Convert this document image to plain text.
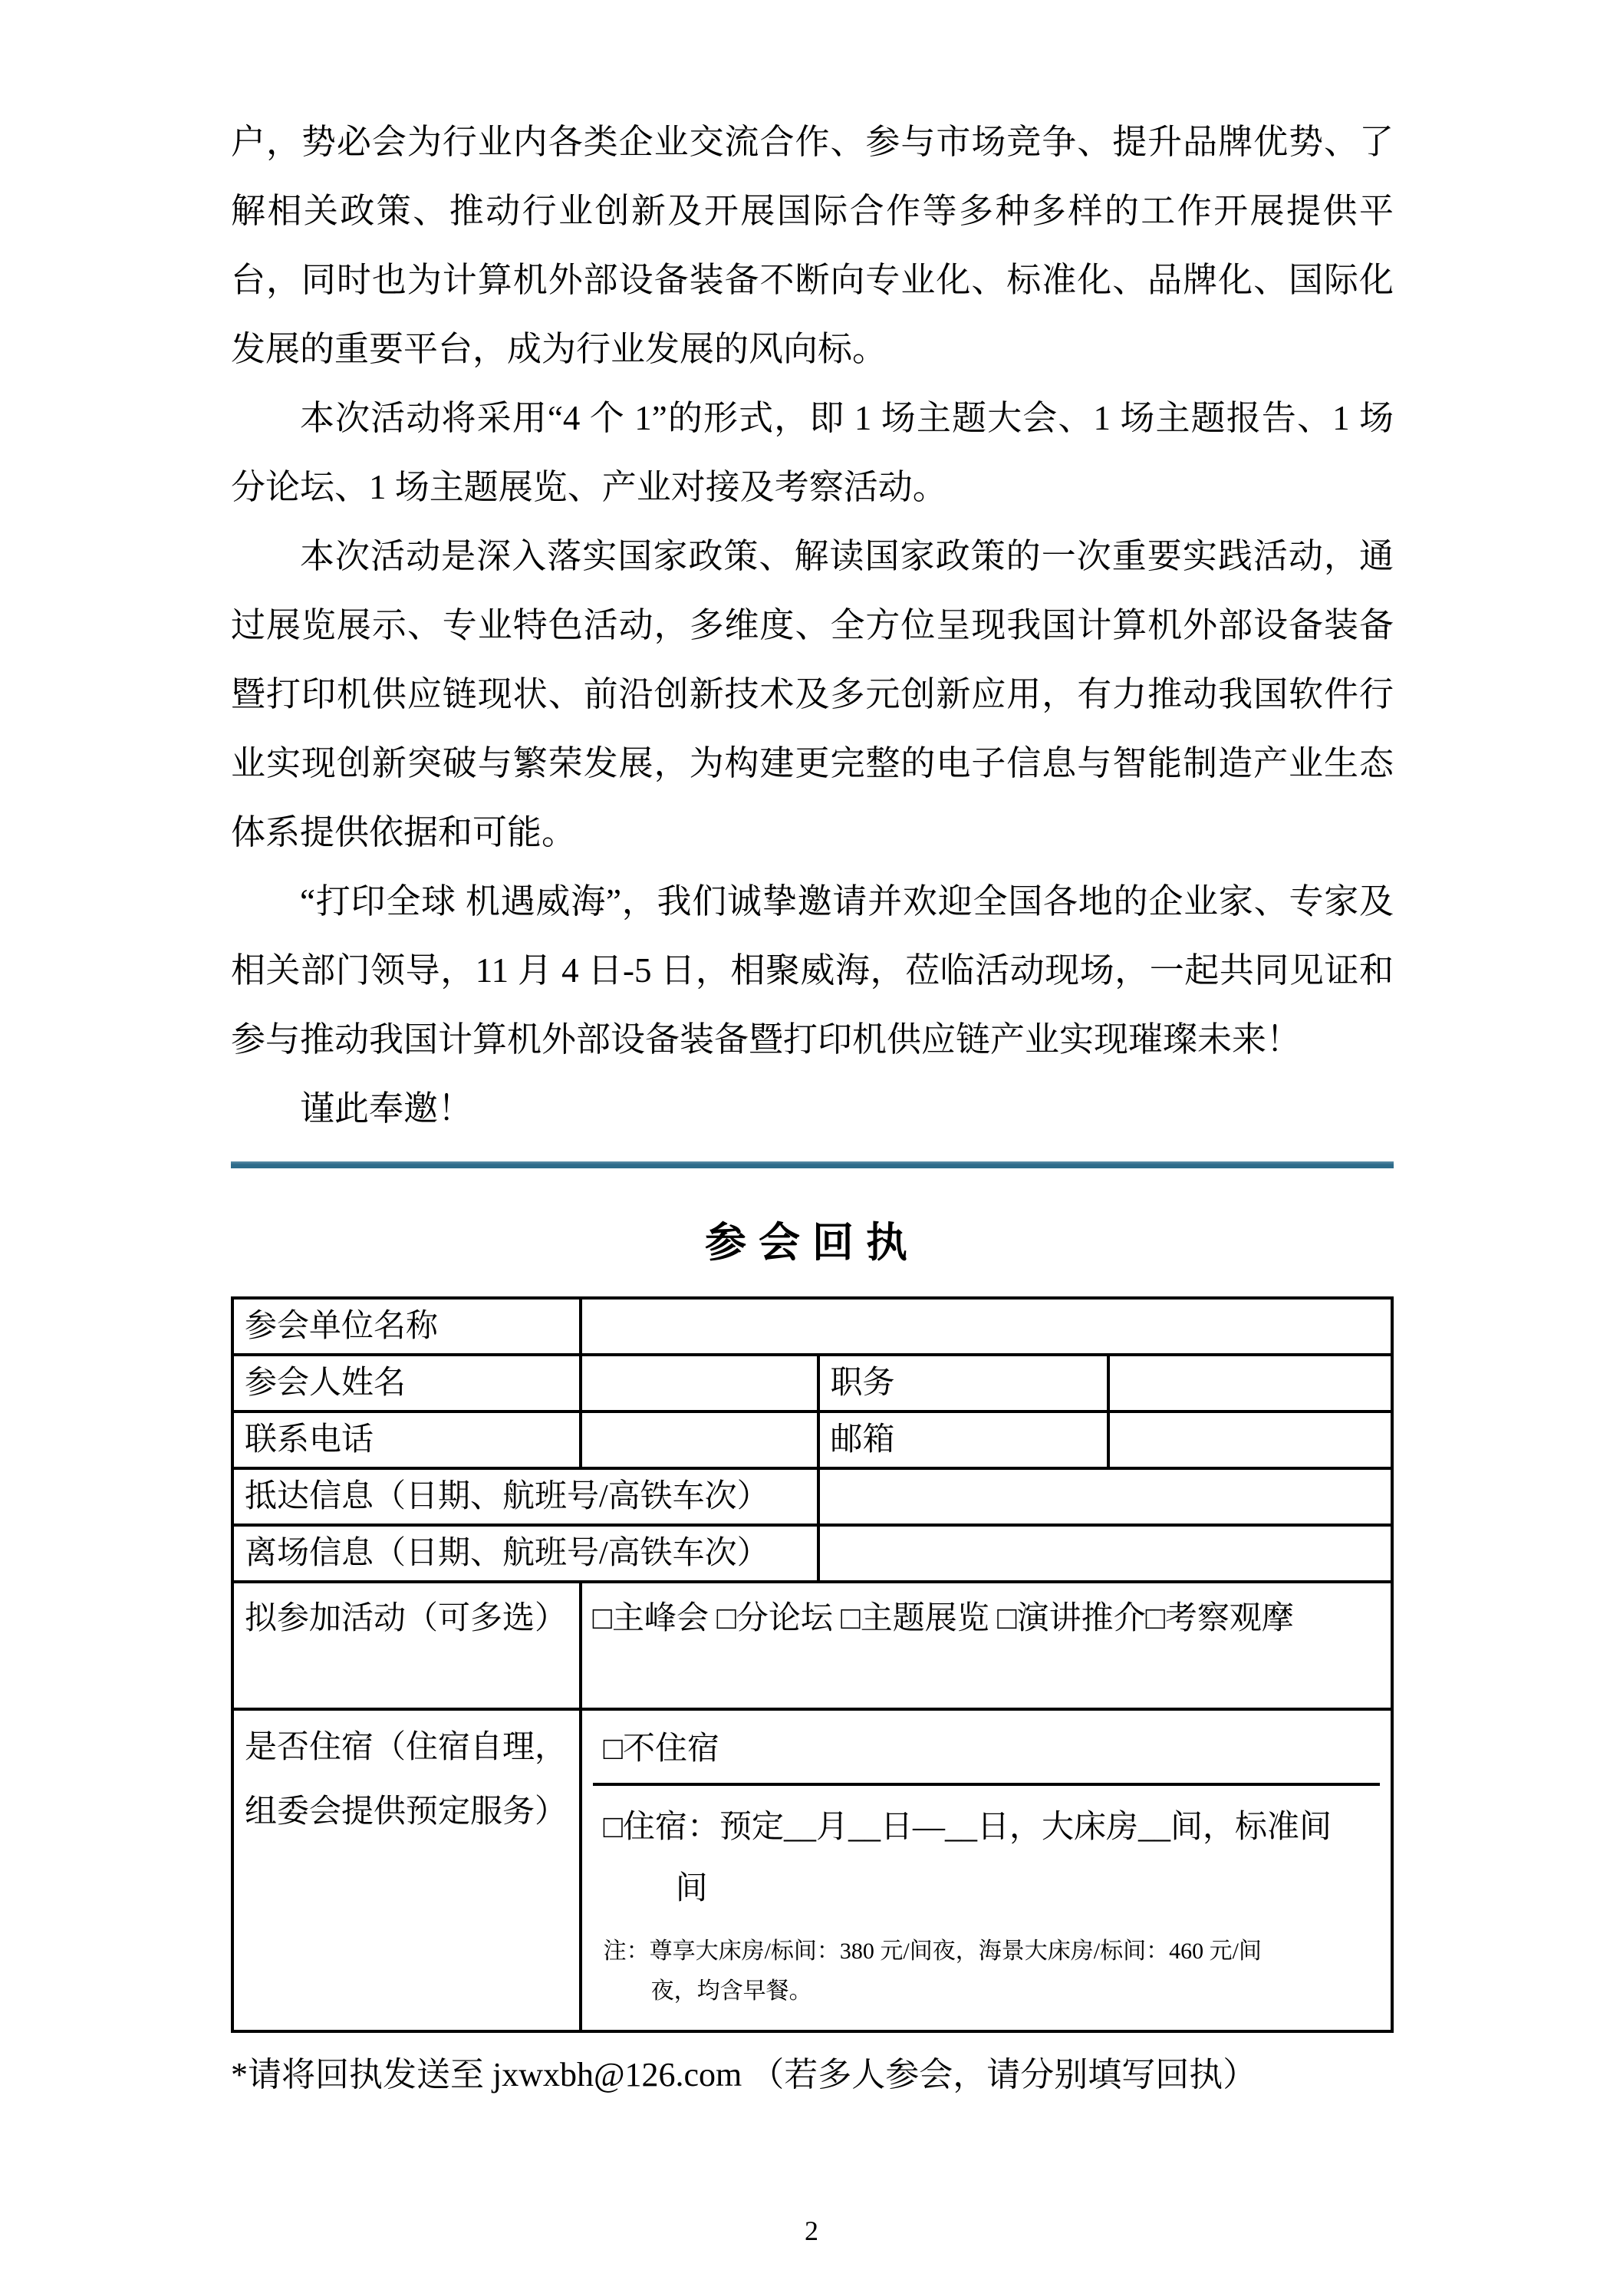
户，势必会为行业内各类企业交流合作、参与市场竞争、提升品牌优势、了解相关政策、推动行业创新及开展国际合作等多种多样的工作开展提供平台，同时也为计算机外部设备装备不断向专业化、标准化、品牌化、国际化发展的重要平台，成为行业发展的风向标。

本次活动将采用“4 个 1”的形式，即 1 场主题大会、1 场主题报告、1 场分论坛、1 场主题展览、产业对接及考察活动。

本次活动是深入落实国家政策、解读国家政策的一次重要实践活动，通过展览展示、专业特色活动，多维度、全方位呈现我国计算机外部设备装备暨打印机供应链现状、前沿创新技术及多元创新应用，有力推动我国软件行业实现创新突破与繁荣发展，为构建更完整的电子信息与智能制造产业生态体系提供依据和可能。

“打印全球 机遇威海”，我们诚挚邀请并欢迎全国各地的企业家、专家及相关部门领导，11 月 4 日-5 日，相聚威海，莅临活动现场，一起共同见证和参与推动我国计算机外部设备装备暨打印机供应链产业实现璀璨未来！

谨此奉邀！

参会回执
参会单位名称			
参会人姓名		职务	
联系电话		邮箱	
抵达信息（日期、航班号/高铁车次）			
离场信息（日期、航班号/高铁车次）			
拟参加活动（可多选）	□主峰会 □分论坛 □主题展览 □演讲推介□考察观摩		
是否住宿（住宿自理，组委会提供预定服务）	□不住宿
□住宿：预定__月__日—__日，大床房__间，标准间
间
注：尊享大床房/标间：380 元/间夜，海景大床房/标间：460 元/间
夜，均含早餐。		

*请将回执发送至 jxwxbh@126.com （若多人参会，请分别填写回执）

2
